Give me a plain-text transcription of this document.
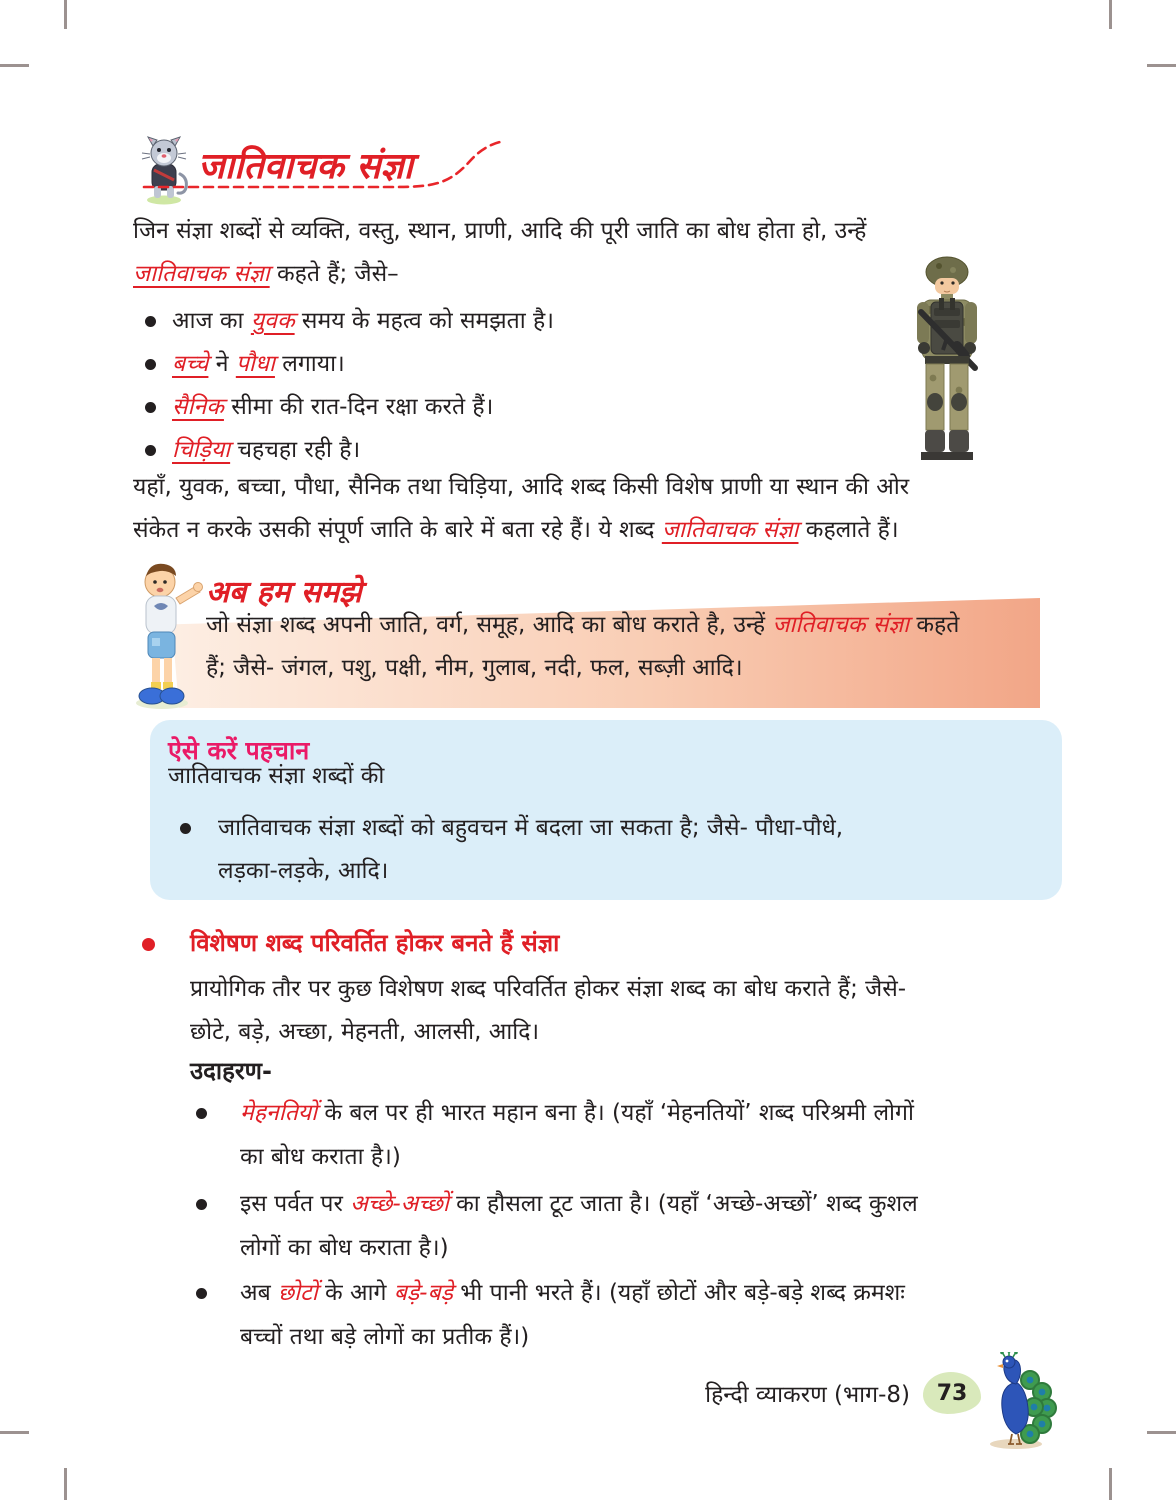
जातिवाचक संज्ञा
जिन संज्ञा शब्दों से व्यक्ति, वस्तु, स्थान, प्राणी, आदि की पूरी जाति का बोध होता हो, उन्हें
जातिवाचक संज्ञा कहते हैं; जैसे–
आज का युवक समय के महत्व को समझता है।
बच्चे ने पौधा लगाया।
सैनिक सीमा की रात-दिन रक्षा करते हैं।
चिड़िया चहचहा रही है।
यहाँ, युवक, बच्चा, पौधा, सैनिक तथा चिड़िया, आदि शब्द किसी विशेष प्राणी या स्थान की ओर
संकेत न करके उसकी संपूर्ण जाति के बारे में बता रहे हैं। ये शब्द जातिवाचक संज्ञा कहलाते हैं।
अब हम समझे
जो संज्ञा शब्द अपनी जाति, वर्ग, समूह, आदि का बोध कराते है, उन्हें जातिवाचक संज्ञा कहते
हैं; जैसे- जंगल, पशु, पक्षी, नीम, गुलाब, नदी, फल, सब्ज़ी आदि।
ऐसे करें पहचान
जातिवाचक संज्ञा शब्दों की
जातिवाचक संज्ञा शब्दों को बहुवचन में बदला जा सकता है; जैसे- पौधा-पौधे,
लड़का-लड़के, आदि।
विशेषण शब्द परिवर्तित होकर बनते हैं संज्ञा
प्रायोगिक तौर पर कुछ विशेषण शब्द परिवर्तित होकर संज्ञा शब्द का बोध कराते हैं; जैसे-
छोटे, बड़े, अच्छा, मेहनती, आलसी, आदि।
उदाहरण-
मेहनतियों के बल पर ही भारत महान बना है। (यहाँ ‘मेहनतियों’ शब्द परिश्रमी लोगों
का बोध कराता है।)
इस पर्वत पर अच्छे-अच्छों का हौसला टूट जाता है। (यहाँ ‘अच्छे-अच्छों’ शब्द कुशल
लोगों का बोध कराता है।)
अब छोटों के आगे बड़े-बड़े भी पानी भरते हैं। (यहाँ छोटों और बड़े-बड़े शब्द क्रमशः
बच्चों तथा बड़े लोगों का प्रतीक हैं।)
हिन्दी व्याकरण (भाग-8) 73
